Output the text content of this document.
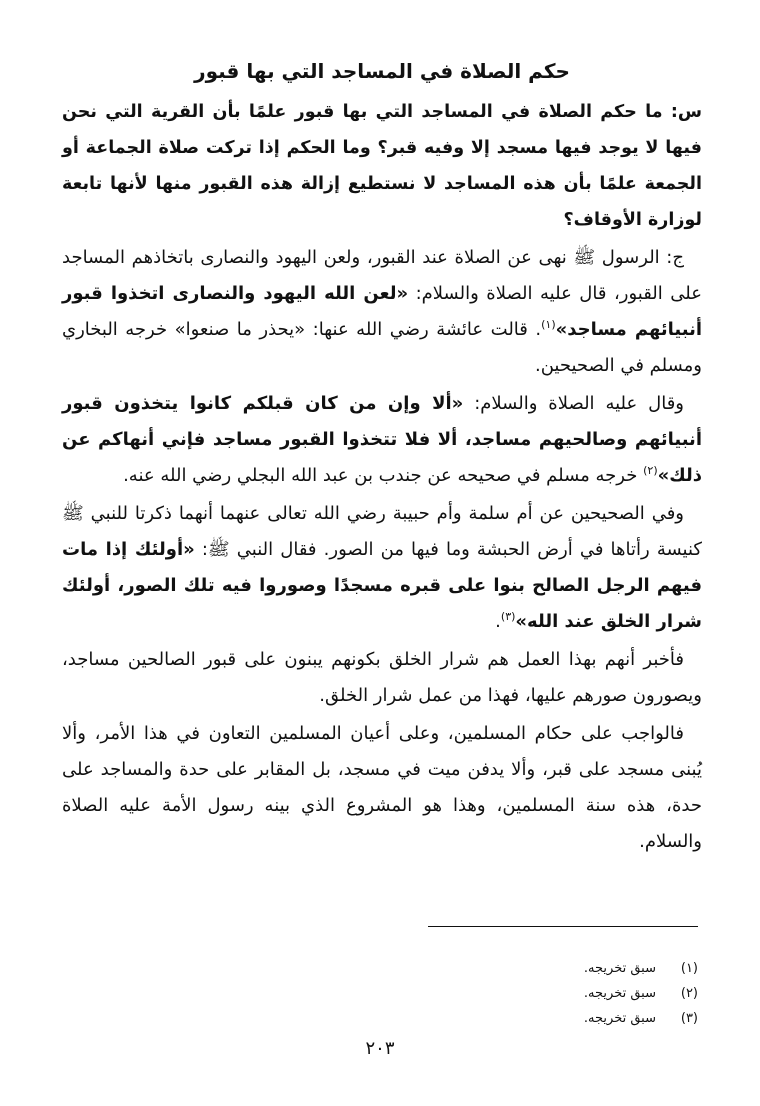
حكم الصلاة في المساجد التي بها قبور

س: ما حكم الصلاة في المساجد التي بها قبور علمًا بأن القرية التي نحن فيها لا يوجد فيها مسجد إلا وفيه قبر؟ وما الحكم إذا تركت صلاة الجماعة أو الجمعة علمًا بأن هذه المساجد لا نستطيع إزالة هذه القبور منها لأنها تابعة لوزارة الأوقاف؟

ج: الرسول ﷺ نهى عن الصلاة عند القبور، ولعن اليهود والنصارى باتخاذهم المساجد على القبور، قال عليه الصلاة والسلام: «لعن الله اليهود والنصارى اتخذوا قبور أنبيائهم مساجد»$^{(١)}$. قالت عائشة رضي الله عنها: «يحذر ما صنعوا» خرجه البخاري ومسلم في الصحيحين.

وقال عليه الصلاة والسلام: «ألا وإن من كان قبلكم كانوا يتخذون قبور أنبيائهم وصالحيهم مساجد، ألا فلا تتخذوا القبور مساجد فإني أنهاكم عن ذلك»$^{(٢)}$ خرجه مسلم في صحيحه عن جندب بن عبد الله البجلي رضي الله عنه.

وفي الصحيحين عن أم سلمة وأم حبيبة رضي الله تعالى عنهما أنهما ذكرتا للنبي ﷺ كنيسة رأتاها في أرض الحبشة وما فيها من الصور. فقال النبي ﷺ: «أولئك إذا مات فيهم الرجل الصالح بنوا على قبره مسجدًا وصوروا فيه تلك الصور، أولئك شرار الخلق عند الله»$^{(٣)}$.

فأخبر أنهم بهذا العمل هم شرار الخلق بكونهم يبنون على قبور الصالحين مساجد، ويصورون صورهم عليها، فهذا من عمل شرار الخلق.

فالواجب على حكام المسلمين، وعلى أعيان المسلمين التعاون في هذا الأمر، وألا يُبنى مسجد على قبر، وألا يدفن ميت في مسجد، بل المقابر على حدة والمساجد على حدة، هذه سنة المسلمين، وهذا هو المشروع الذي بينه رسول الأمة عليه الصلاة والسلام.

(١)
سبق تخريجه.
(٢)
سبق تخريجه.
(٣)
سبق تخريجه.
٢٠٣
